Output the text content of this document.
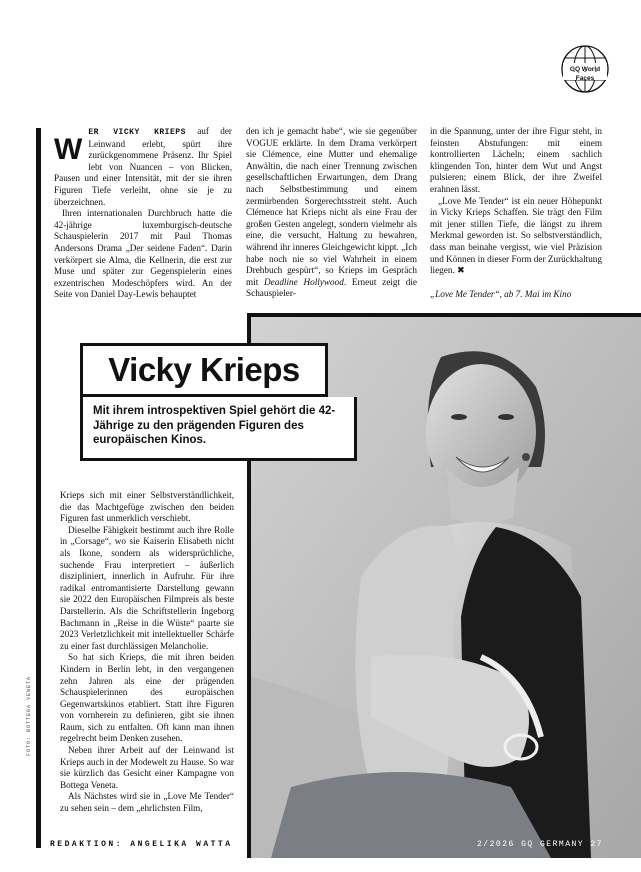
GQ World
Faces

W
ER VICKY KRIEPS auf der Leinwand erlebt, spürt ihre zurückgenommene Präsenz. Ihr Spiel lebt von Nuancen – von Blicken, Pausen und einer Intensität, mit der sie ihren Figuren Tiefe verleiht, ohne sie je zu überzeichnen.

Ihren internationalen Durchbruch hatte die 42-jährige luxemburgisch-deutsche Schauspielerin 2017 mit Paul Thomas Andersons Drama „Der seidene Faden“. Darin verkörpert sie Alma, die Kellnerin, die erst zur Muse und später zur Gegenspielerin eines exzentrischen Modeschöpfers wird. An der Seite von Daniel Day-Lewis behauptet

den ich je gemacht habe“, wie sie gegenüber VOGUE erklärte. In dem Drama verkörpert sie Clémence, eine Mutter und ehemalige Anwältin, die nach einer Trennung zwischen gesellschaftlichen Erwartungen, dem Drang nach Selbstbestimmung und einem zermürbenden Sorgerechtsstreit steht. Auch Clémence hat Krieps nicht als eine Frau der großen Gesten angelegt, sondern vielmehr als eine, die versucht, Haltung zu bewahren, während ihr inneres Gleichgewicht kippt. „Ich habe noch nie so viel Wahrheit in einem Drehbuch gespürt“, so Krieps im Gespräch mit Deadline Hollywood. Erneut zeigt die Schauspieler-

in die Spannung, unter der ihre Figur steht, in feinsten Abstufungen: mit einem kontrollierten Lächeln; einem sachlich klingenden Ton, hinter dem Wut und Angst pulsieren; einem Blick, der ihre Zweifel erahnen lässt.

„Love Me Tender“ ist ein neuer Höhepunkt in Vicky Krieps Schaffen. Sie trägt den Film mit jener stillen Tiefe, die längst zu ihrem Merkmal geworden ist. So selbstverständlich, dass man beinahe vergisst, wie viel Präzision und Können in dieser Form der Zurückhaltung liegen. ✖

„Love Me Tender“, ab 7. Mai im Kino

Vicky Krieps
Mit ihrem introspektiven Spiel gehört die 42-Jährige zu den prägenden Figuren des europäischen Kinos.

Krieps sich mit einer Selbstverständlichkeit, die das Machtgefüge zwischen den beiden Figuren fast unmerklich verschiebt.

Dieselbe Fähigkeit bestimmt auch ihre Rolle in „Corsage“, wo sie Kaiserin Elisabeth nicht als Ikone, sondern als widersprüchliche, suchende Frau interpretiert – äußerlich diszipliniert, innerlich in Aufruhr. Für ihre radikal entromantisierte Darstellung gewann sie 2022 den Europäischen Filmpreis als beste Darstellerin. Als die Schriftstellerin Ingeborg Bachmann in „Reise in die Wüste“ paarte sie 2023 Verletzlichkeit mit intellektueller Schärfe zu einer fast durchlässigen Melancholie.

So hat sich Krieps, die mit ihren beiden Kindern in Berlin lebt, in den vergangenen zehn Jahren als eine der prägenden Schauspielerinnen des europäischen Gegenwartskinos etabliert. Statt ihre Figuren von vornherein zu definieren, gibt sie ihnen Raum, sich zu entfalten. Oft kann man ihnen regelrecht beim Denken zusehen.

Neben ihrer Arbeit auf der Leinwand ist Krieps auch in der Modewelt zu Hause. So war sie kürzlich das Gesicht einer Kampagne von Bottega Veneta.

Als Nächstes wird sie in „Love Me Tender“ zu sehen sein – dem „ehrlichsten Film,

FOTO: BOTTEGA VENETA
REDAKTION: ANGELIKA WATTA	2/2026 GQ GERMANY 27
